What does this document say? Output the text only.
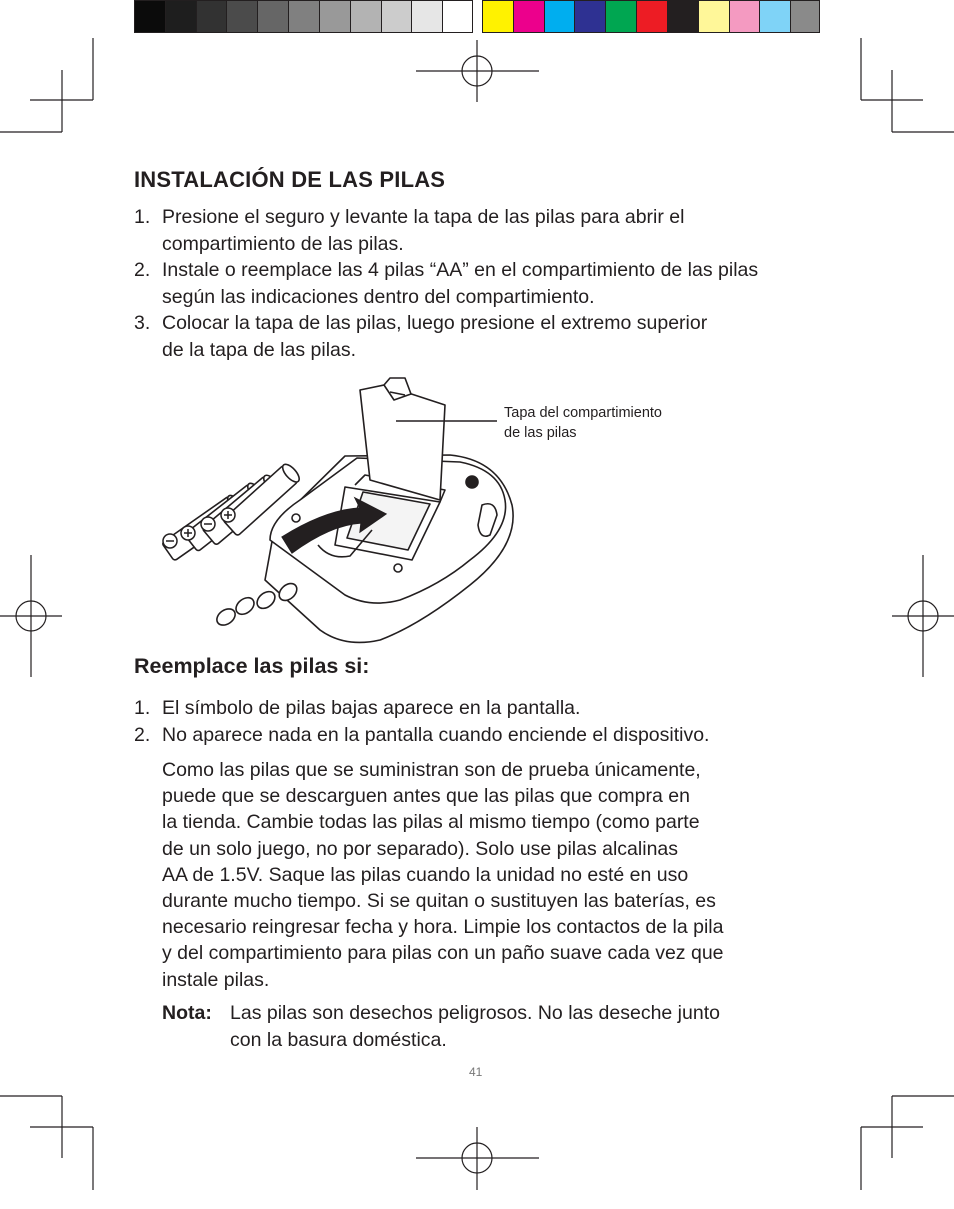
INSTALACIÓN DE LAS PILAS
1. Presione el seguro y levante la tapa de las pilas para abrir el
compartimiento de las pilas.
2. Instale o reemplace las 4 pilas “AA” en el compartimiento de las pilas
según las indicaciones dentro del compartimiento.
3. Colocar la tapa de las pilas, luego presione el extremo superior
de la tapa de las pilas.
Tapa del compartimiento
de las pilas
Reemplace las pilas si:
1. El símbolo de pilas bajas aparece en la pantalla.
2. No aparece nada en la pantalla cuando enciende el dispositivo.
Como las pilas que se suministran son de prueba únicamente,
puede que se descarguen antes que las pilas que compra en
la tienda. Cambie todas las pilas al mismo tiempo (como parte
de un solo juego, no por separado). Solo use pilas alcalinas
AA de 1.5V. Saque las pilas cuando la unidad no esté en uso
durante mucho tiempo. Si se quitan o sustituyen las baterías, es
necesario reingresar fecha y hora. Limpie los contactos de la pila
y del compartimiento para pilas con un paño suave cada vez que
instale pilas.
Nota: Las pilas son desechos peligrosos. No las deseche junto
con la basura doméstica.
41
